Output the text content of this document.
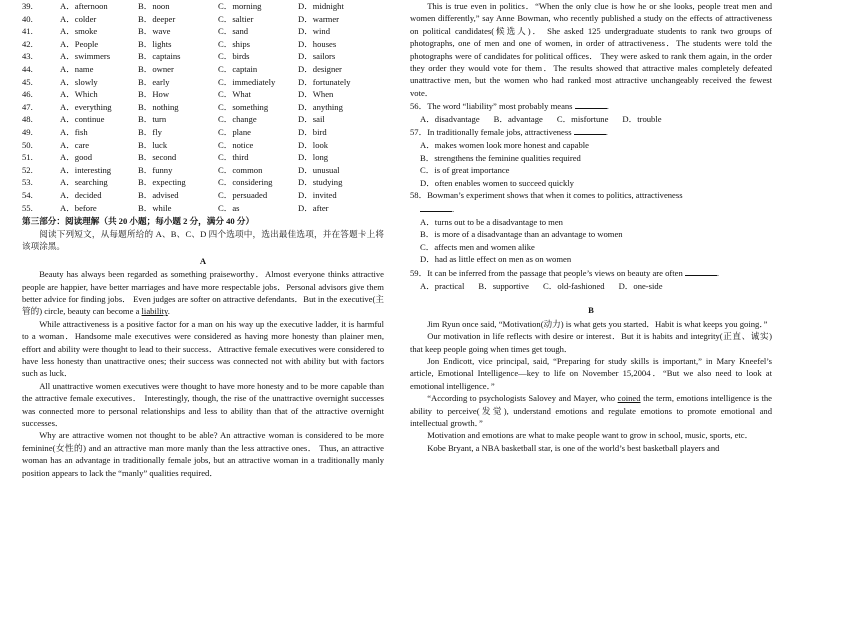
39.	A．afternoon	B．noon	C．morning	D．midnight
40.	A．colder	B．deeper	C．saltier	D．warmer
41.	A．smoke	B．wave	C．sand	D．wind
42.	A．People	B．lights	C．ships	D．houses
43.	A．swimmers	B．captains	C．birds	D．sailors
44.	A．name	B．owner	C．captain	D．designer
45.	A．slowly	B．early	C．immediately	D．fortunately
46.	A．Which	B．How	C．What	D．When
47.	A．everything	B．nothing	C．something	D．anything
48.	A．continue	B．turn	C．change	D．sail
49.	A．fish	B．fly	C．plane	D．bird
50.	A．care	B．luck	C．notice	D．look
51.	A．good	B．second	C．third	D．long
52.	A．interesting	B．funny	C．common	D．unusual
53.	A．searching	B．expecting	C．considering	D．studying
54.	A．decided	B．advised	C．persuaded	D．invited
55.	A．before	B．while	C．as	D．after
第三部分：阅读理解（共 20 小题；每小题 2 分，满分 40 分）

阅读下列短文，从每题所给的 A、B、C、D 四个选项中，选出最佳选项，并在答题卡上将该项涂黑。

A

Beauty has always been regarded as something praiseworthy．Almost everyone thinks attractive people are happier, have better marriages and have more respectable jobs．Personal advisors give them better advice for finding jobs． Even judges are softer on attractive defendants．But in the executive(主管的) circle, beauty can become a liability.

While attractiveness is a positive factor for a man on his way up the executive ladder, it is harmful to a woman．Handsome male executives were considered as having more honesty than plainer men, effort and ability were thought to lead to their success．Attractive female executives were considered to have less honesty than unattractive ones; their success was connected not with ability but with factors such as luck．

All unattractive women executives were thought to have more honesty and to be more capable than the attractive female executives． Interestingly, though, the rise of the unattractive overnight successes was connected more to personal relationships and less to ability than that of the attractive overnight successes．

Why are attractive women not thought to be able? An attractive woman is considered to be more feminine(女性的) and an attractive man more manly than the less attractive ones． Thus, an attractive woman has an advantage in traditionally female jobs, but an attractive woman in a traditionally manly position appears to lack the “manly” qualities required．

This is true even in politics．“When the only clue is how he or she looks, people treat men and women differently,” say Anne Bowman, who recently published a study on the effects of attractiveness on political candidates(候选人)． She asked 125 undergraduate students to rank two groups of photographs, one of men and one of women, in order of attractiveness．The students were told the photographs were of candidates for political offices． They were asked to rank them again, in the order they order they would vote for them．The results showed that attractive males completely defeated unattractive men, but the women who had ranked most attractive unchangeably received the fewest vote．

56．The word “liability” most probably means	.
A．disadvantage B．advantage C．misfortune D．trouble
57．In traditionally female jobs, attractiveness	.
A．makes women look more honest and capable
B．strengthens the feminine qualities required
C．is of great importance
D．often enables women to succeed quickly
58．Bowman’s experiment shows that when it comes to politics, attractiveness
.
A．turns out to be a disadvantage to men
B．is more of a disadvantage than an advantage to women
C．affects men and women alike
D．had as little effect on men as on women
59．It can be inferred from the passage that people’s views on beauty are often	.
A．practical B．supportive C．old-fashioned D．one-side
B

Jim Ryun once said, “Motivation(动力) is what gets you started．Habit is what keeps you going．”

Our motivation in life reflects with desire or interest．But it is habits and integrity(正直、诚实) that keep people going when times get tough．

Jon Endicott, vice principal, said, “Preparing for study skills is important,” in Mary Kneefel’s article, Emotional Intelligence—key to life on November 15,2004．“But we also need to look at emotional intelligence．”

“According to psychologists Salovey and Mayer, who coined the term, emotions intelligence is the ability to perceive(发觉), understand emotions and regulate emotions to promote emotional and intellectual growth．”

Motivation and emotions are what to make people want to grow in school, music, sports, etc．

Kobe Bryant, a NBA basketball star, is one of the world’s best basketball players and
